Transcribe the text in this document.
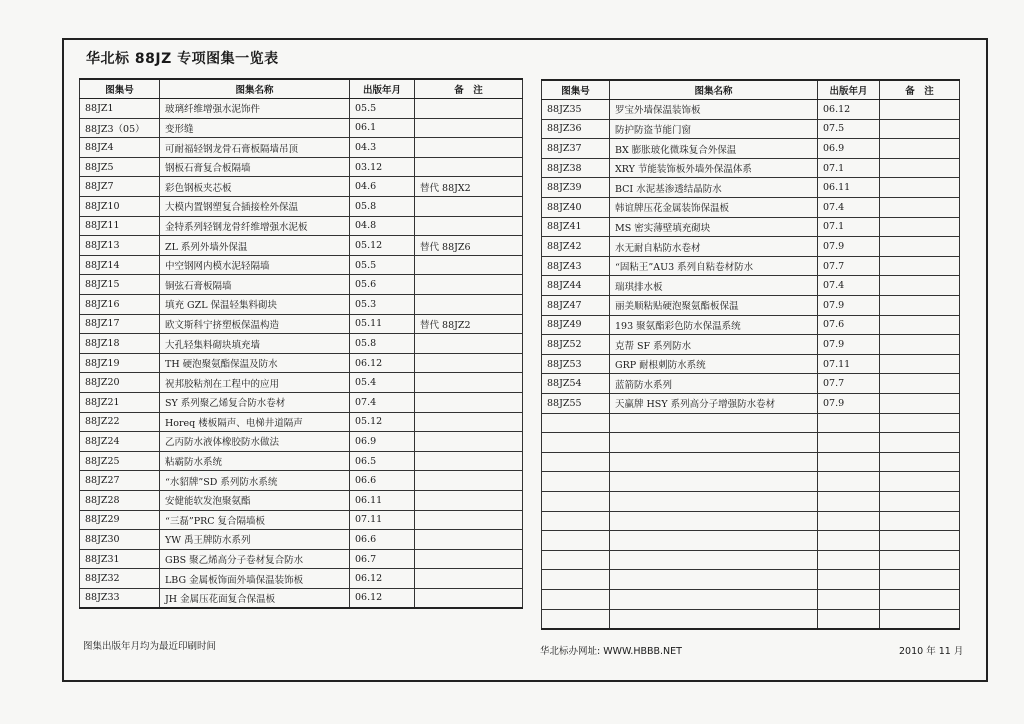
华北标 88JZ 专项图集一览表
图集号	图集名称	出版年月	备　注
88JZ1	玻璃纤维增强水泥饰件	05.5	
88JZ3（05）	变形缝	06.1	
88JZ4	可耐福轻钢龙骨石膏板隔墙吊顶	04.3	
88JZ5	钢板石膏复合板隔墙	03.12	
88JZ7	彩色钢板夹芯板	04.6	替代 88JX2
88JZ10	大模内置钢塑复合插接栓外保温	05.8	
88JZ11	金特系列轻钢龙骨纤维增强水泥板	04.8	
88JZ13	ZL 系列外墙外保温	05.12	替代 88JZ6
88JZ14	中空钢网内模水泥轻隔墙	05.5	
88JZ15	铜弦石膏板隔墙	05.6	
88JZ16	填充 GZL 保温轻集料砌块	05.3	
88JZ17	欧文斯科宁挤塑板保温构造	05.11	替代 88JZ2
88JZ18	大孔轻集料砌块填充墙	05.8	
88JZ19	TH 硬泡聚氨酯保温及防水	06.12	
88JZ20	祝邦胶粘剂在工程中的应用	05.4	
88JZ21	SY 系列聚乙烯复合防水卷材	07.4	
88JZ22	Horeq 楼板隔声、电梯井道隔声	05.12	
88JZ24	乙丙防水液体橡胶防水做法	06.9	
88JZ25	粘霸防水系统	06.5	
88JZ27	“水貂牌”SD 系列防水系统	06.6	
88JZ28	安健能软发泡聚氨酯	06.11	
88JZ29	“三磊”PRC 复合隔墙板	07.11	
88JZ30	YW 禹王牌防水系列	06.6	
88JZ31	GBS 聚乙烯高分子卷材复合防水	06.7	
88JZ32	LBG 金属板饰面外墙保温装饰板	06.12	
88JZ33	JH 金属压花面复合保温板	06.12	
图集号	图集名称	出版年月	备　注
88JZ35	罗宝外墙保温装饰板	06.12	
88JZ36	防护防盗节能门窗	07.5	
88JZ37	BX 膨胀玻化微珠复合外保温	06.9	
88JZ38	XRY 节能装饰板外墙外保温体系	07.1	
88JZ39	BCI 水泥基渗透结晶防水	06.11	
88JZ40	韩谊牌压花金属装饰保温板	07.4	
88JZ41	MS 密实薄壁填充砌块	07.1	
88JZ42	水无耐自粘防水卷材	07.9	
88JZ43	“固粘王”AU3 系列自粘卷材防水	07.7	
88JZ44	瑞琪排水板	07.4	
88JZ47	丽美顺粘贴硬泡聚氨酯板保温	07.9	
88JZ49	193 聚氨酯彩色防水保温系统	07.6	
88JZ52	克帮 SF 系列防水	07.9	
88JZ53	GRP 耐根刺防水系统	07.11	
88JZ54	蓝箭防水系列	07.7	
88JZ55	天赢牌 HSY 系列高分子增强防水卷材	07.9	

图集出版年月均为最近印刷时间	华北标办网址: WWW.HBBB.NET	2010 年 11 月
